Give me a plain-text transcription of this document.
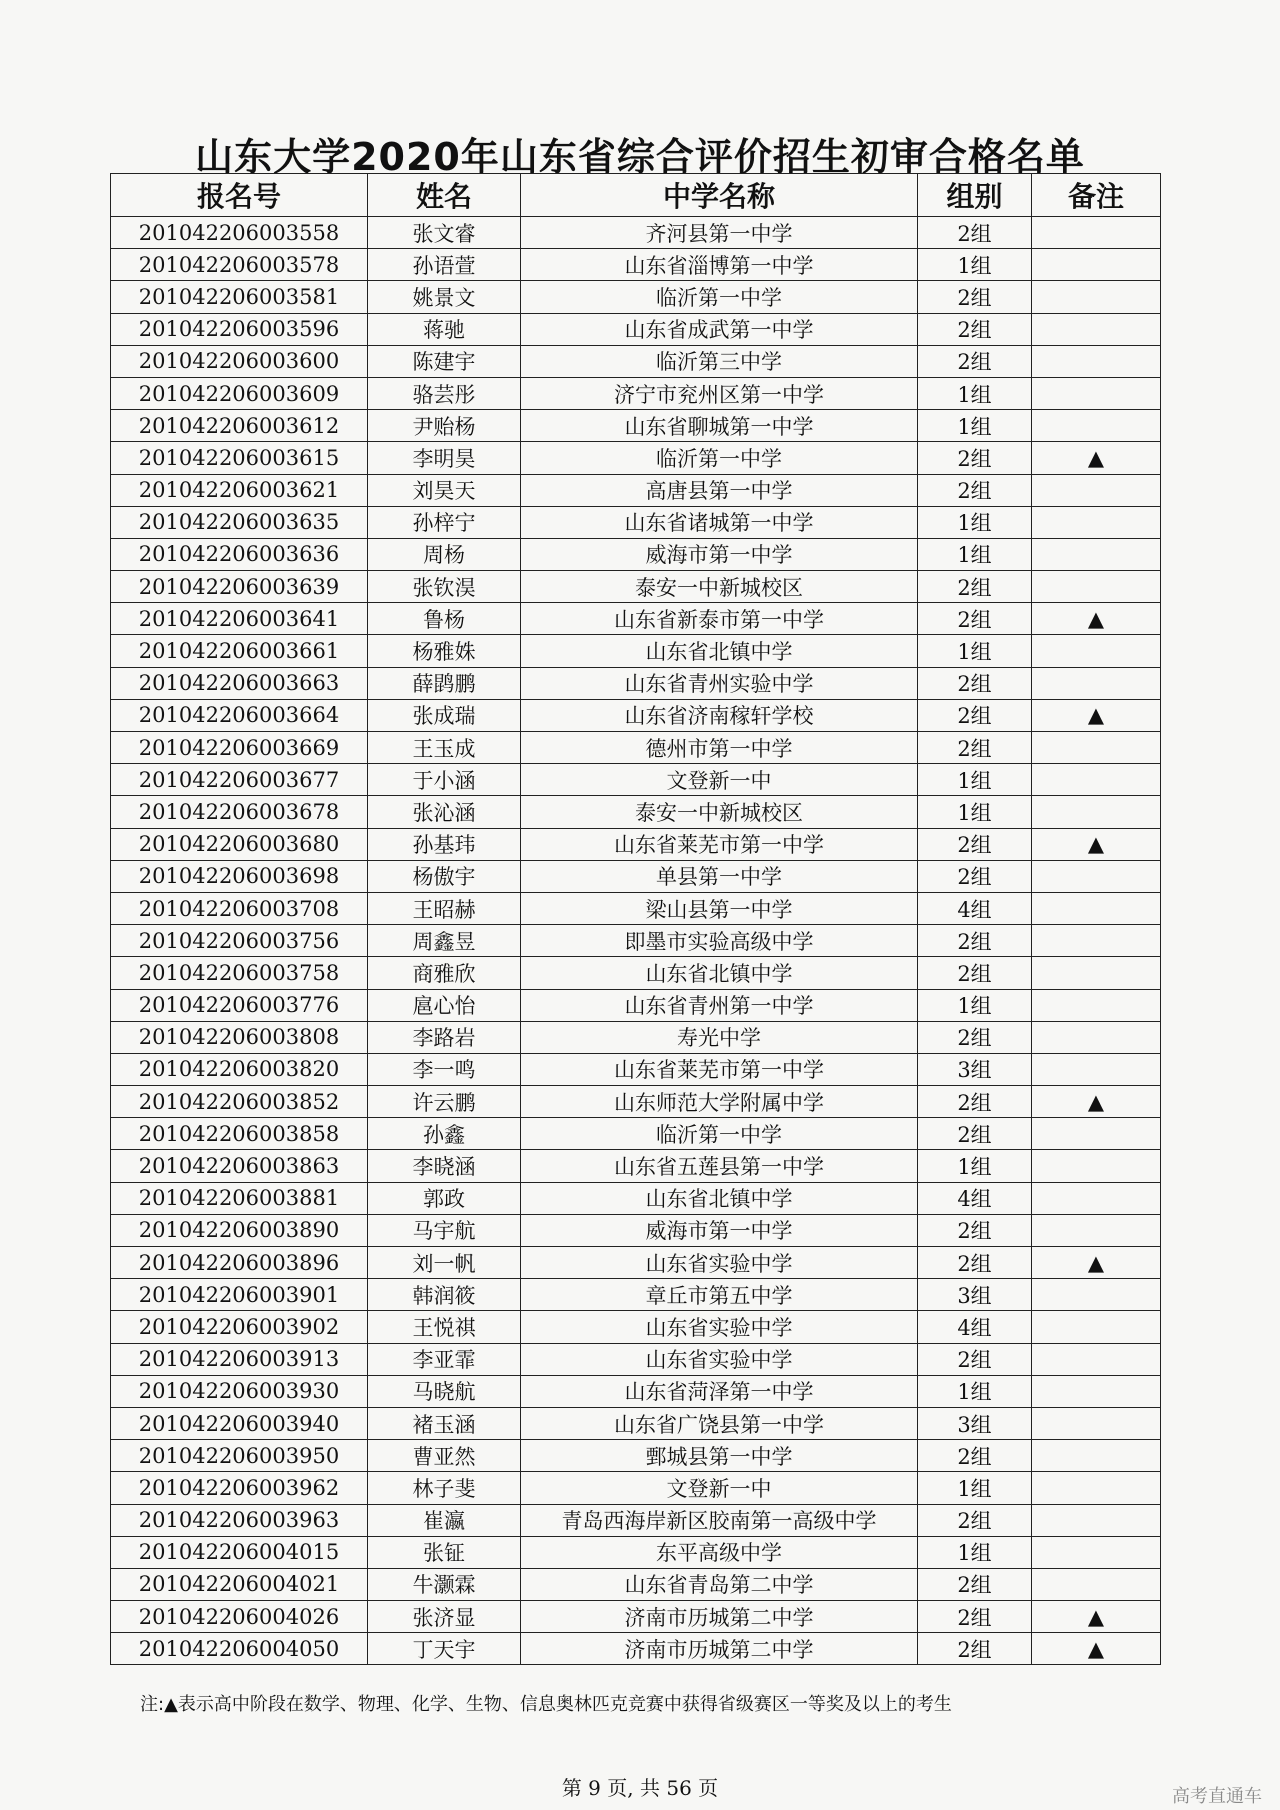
山东大学2020年山东省综合评价招生初审合格名单
报名号	姓名	中学名称	组别	备注
201042206003558	张文睿	齐河县第一中学	2组	
201042206003578	孙语萱	山东省淄博第一中学	1组	
201042206003581	姚景文	临沂第一中学	2组	
201042206003596	蒋驰	山东省成武第一中学	2组	
201042206003600	陈建宇	临沂第三中学	2组	
201042206003609	骆芸彤	济宁市兖州区第一中学	1组	
201042206003612	尹贻杨	山东省聊城第一中学	1组	
201042206003615	李明昊	临沂第一中学	2组	▲
201042206003621	刘昊天	高唐县第一中学	2组	
201042206003635	孙梓宁	山东省诸城第一中学	1组	
201042206003636	周杨	威海市第一中学	1组	
201042206003639	张钦淏	泰安一中新城校区	2组	
201042206003641	鲁杨	山东省新泰市第一中学	2组	▲
201042206003661	杨雅姝	山东省北镇中学	1组	
201042206003663	薛鹍鹏	山东省青州实验中学	2组	
201042206003664	张成瑞	山东省济南稼轩学校	2组	▲
201042206003669	王玉成	德州市第一中学	2组	
201042206003677	于小涵	文登新一中	1组	
201042206003678	张沁涵	泰安一中新城校区	1组	
201042206003680	孙基玮	山东省莱芜市第一中学	2组	▲
201042206003698	杨傲宇	单县第一中学	2组	
201042206003708	王昭赫	梁山县第一中学	4组	
201042206003756	周鑫昱	即墨市实验高级中学	2组	
201042206003758	商雅欣	山东省北镇中学	2组	
201042206003776	扈心怡	山东省青州第一中学	1组	
201042206003808	李路岩	寿光中学	2组	
201042206003820	李一鸣	山东省莱芜市第一中学	3组	
201042206003852	许云鹏	山东师范大学附属中学	2组	▲
201042206003858	孙鑫	临沂第一中学	2组	
201042206003863	李晓涵	山东省五莲县第一中学	1组	
201042206003881	郭政	山东省北镇中学	4组	
201042206003890	马宇航	威海市第一中学	2组	
201042206003896	刘一帆	山东省实验中学	2组	▲
201042206003901	韩润筱	章丘市第五中学	3组	
201042206003902	王悦祺	山东省实验中学	4组	
201042206003913	李亚霏	山东省实验中学	2组	
201042206003930	马晓航	山东省菏泽第一中学	1组	
201042206003940	褚玉涵	山东省广饶县第一中学	3组	
201042206003950	曹亚然	鄄城县第一中学	2组	
201042206003962	林子斐	文登新一中	1组	
201042206003963	崔瀛	青岛西海岸新区胶南第一高级中学	2组	
201042206004015	张钲	东平高级中学	1组	
201042206004021	牛灏霖	山东省青岛第二中学	2组	
201042206004026	张济显	济南市历城第二中学	2组	▲
201042206004050	丁天宇	济南市历城第二中学	2组	▲
注:▲表示高中阶段在数学、物理、化学、生物、信息奥林匹克竞赛中获得省级赛区一等奖及以上的考生
第 9 页, 共 56 页	高考直通车
